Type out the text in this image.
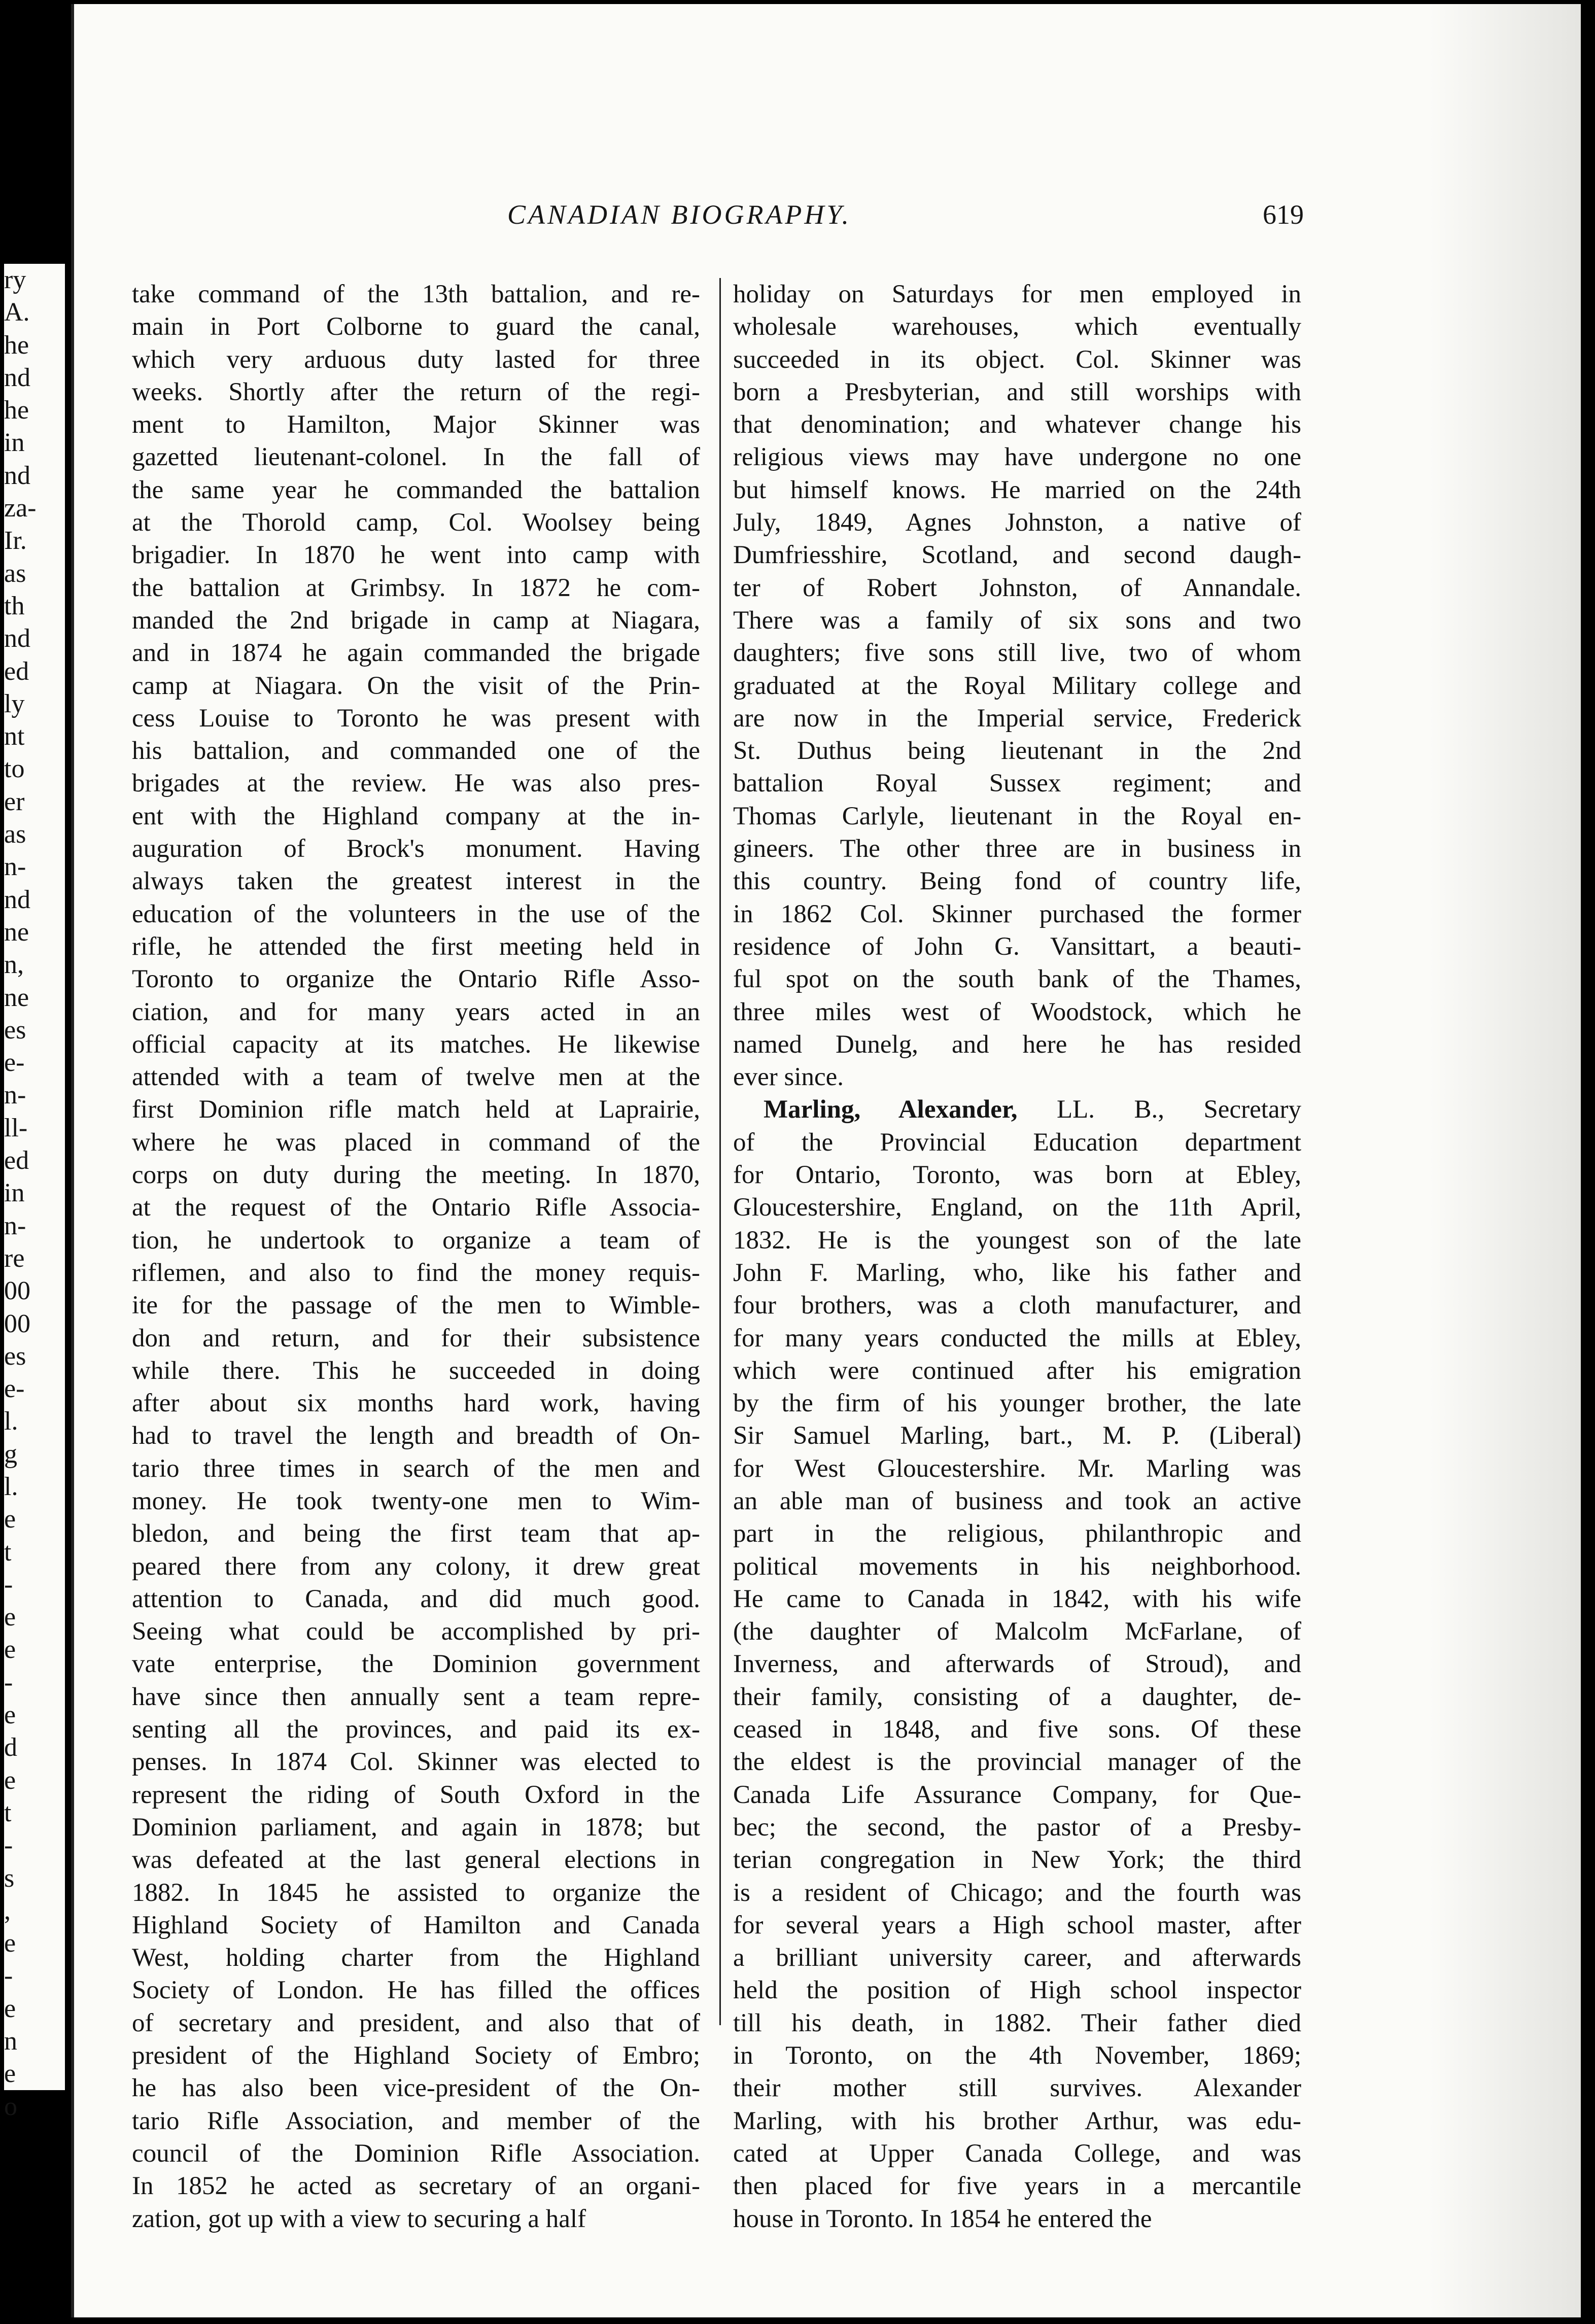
ry
A.
he
nd
he
in
nd
za-
Ir.
as
th
nd
ed
ly
nt
to
er
as
n-
nd
ne
n,
ne
es
e-
n-
ll-
ed
in
n-
re
00
00
es
e-
l.
g
l.
e
t
-
e
e
-
e
d
e
t
-
s
,
e
-
e
n
e
o
CANADIAN BIOGRAPHY.	619
take command of the 13th battalion, and re-
main in Port Colborne to guard the canal,
which very arduous duty lasted for three
weeks. Shortly after the return of the regi-
ment to Hamilton, Major Skinner was
gazetted lieutenant-colonel. In the fall of
the same year he commanded the battalion
at the Thorold camp, Col. Woolsey being
brigadier. In 1870 he went into camp with
the battalion at Grimbsy. In 1872 he com-
manded the 2nd brigade in camp at Niagara,
and in 1874 he again commanded the brigade
camp at Niagara. On the visit of the Prin-
cess Louise to Toronto he was present with
his battalion, and commanded one of the
brigades at the review. He was also pres-
ent with the Highland company at the in-
auguration of Brock's monument. Having
always taken the greatest interest in the
education of the volunteers in the use of the
rifle, he attended the first meeting held in
Toronto to organize the Ontario Rifle Asso-
ciation, and for many years acted in an
official capacity at its matches. He likewise
attended with a team of twelve men at the
first Dominion rifle match held at Laprairie,
where he was placed in command of the
corps on duty during the meeting. In 1870,
at the request of the Ontario Rifle Associa-
tion, he undertook to organize a team of
riflemen, and also to find the money requis-
ite for the passage of the men to Wimble-
don and return, and for their subsistence
while there. This he succeeded in doing
after about six months hard work, having
had to travel the length and breadth of On-
tario three times in search of the men and
money. He took twenty-one men to Wim-
bledon, and being the first team that ap-
peared there from any colony, it drew great
attention to Canada, and did much good.
Seeing what could be accomplished by pri-
vate enterprise, the Dominion government
have since then annually sent a team repre-
senting all the provinces, and paid its ex-
penses. In 1874 Col. Skinner was elected to
represent the riding of South Oxford in the
Dominion parliament, and again in 1878; but
was defeated at the last general elections in
1882. In 1845 he assisted to organize the
Highland Society of Hamilton and Canada
West, holding charter from the Highland
Society of London. He has filled the offices
of secretary and president, and also that of
president of the Highland Society of Embro;
he has also been vice-president of the On-
tario Rifle Association, and member of the
council of the Dominion Rifle Association.
In 1852 he acted as secretary of an organi-
zation, got up with a view to securing a half
holiday on Saturdays for men employed in
wholesale warehouses, which eventually
succeeded in its object. Col. Skinner was
born a Presbyterian, and still worships with
that denomination; and whatever change his
religious views may have undergone no one
but himself knows. He married on the 24th
July, 1849, Agnes Johnston, a native of
Dumfriesshire, Scotland, and second daugh-
ter of Robert Johnston, of Annandale.
There was a family of six sons and two
daughters; five sons still live, two of whom
graduated at the Royal Military college and
are now in the Imperial service, Frederick
St. Duthus being lieutenant in the 2nd
battalion Royal Sussex regiment; and
Thomas Carlyle, lieutenant in the Royal en-
gineers. The other three are in business in
this country. Being fond of country life,
in 1862 Col. Skinner purchased the former
residence of John G. Vansittart, a beauti-
ful spot on the south bank of the Thames,
three miles west of Woodstock, which he
named Dunelg, and here he has resided
ever since.
Marling, Alexander, LL. B., Secretary
of the Provincial Education department
for Ontario, Toronto, was born at Ebley,
Gloucestershire, England, on the 11th April,
1832. He is the youngest son of the late
John F. Marling, who, like his father and
four brothers, was a cloth manufacturer, and
for many years conducted the mills at Ebley,
which were continued after his emigration
by the firm of his younger brother, the late
Sir Samuel Marling, bart., M. P. (Liberal)
for West Gloucestershire. Mr. Marling was
an able man of business and took an active
part in the religious, philanthropic and
political movements in his neighborhood.
He came to Canada in 1842, with his wife
(the daughter of Malcolm McFarlane, of
Inverness, and afterwards of Stroud), and
their family, consisting of a daughter, de-
ceased in 1848, and five sons. Of these
the eldest is the provincial manager of the
Canada Life Assurance Company, for Que-
bec; the second, the pastor of a Presby-
terian congregation in New York; the third
is a resident of Chicago; and the fourth was
for several years a High school master, after
a brilliant university career, and afterwards
held the position of High school inspector
till his death, in 1882. Their father died
in Toronto, on the 4th November, 1869;
their mother still survives. Alexander
Marling, with his brother Arthur, was edu-
cated at Upper Canada College, and was
then placed for five years in a mercantile
house in Toronto. In 1854 he entered the
